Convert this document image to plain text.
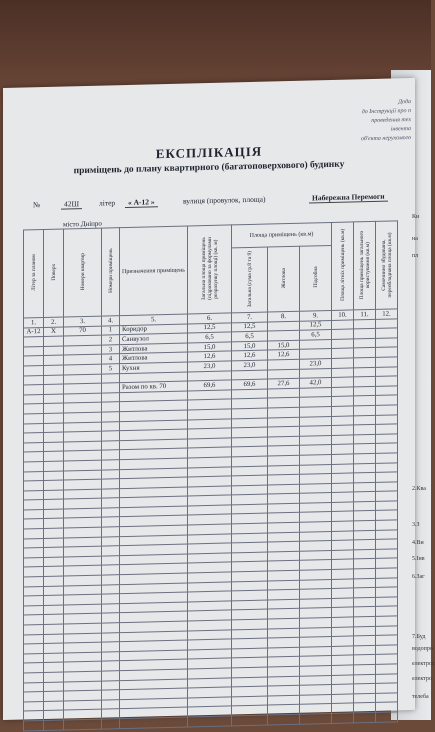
Дода
до Інструкції про п
проведення тех
інвента
об'єкта нерухомого
ЕКСПЛІКАЦІЯ
приміщень до плану квартирного (багатоповерхового) будинку
№	42Ш	літер	« А-12 »	вулиця (провулок, площа)	Набережна Перемоги
місто Дніпро
Літер за планом	Поверх	Номери квартир	Номери приміщень	Призначення приміщень	Загальна площа приміщень (підраховано за формулами розрахунку площі) (кв. м)	Площа приміщень (кв.м)			Площа літніх приміщень (кв.м)	Площа приміщень загального користування (кв.м)	Самочинно збудована, переобладнана площа (кв.м)
						Загальна (сума гр.8 та 9)	Житлова	Підсобна			
1.	2.	3.	4.	5.	6.	7.	8.	9.	10.	11.	12.
А-12	Х	70	1	Коридор	12,5	12,5		12,5			
			2	Санвузол	6,5	6,5		6,5			
			3	Житлова	15,0	15,0	15,0				
			4	Житлова	12,6	12,6	12,6				
			5	Кухня	23,0	23,0		23,0			

				Разом по кв. 70	69,6	69,6	27,6	42,0			

Ки
на
пл
2.Ква
3.З
4.Ви
5.Інв
6.Заг
7.Буд
водопро
електрос
електро
телеба
